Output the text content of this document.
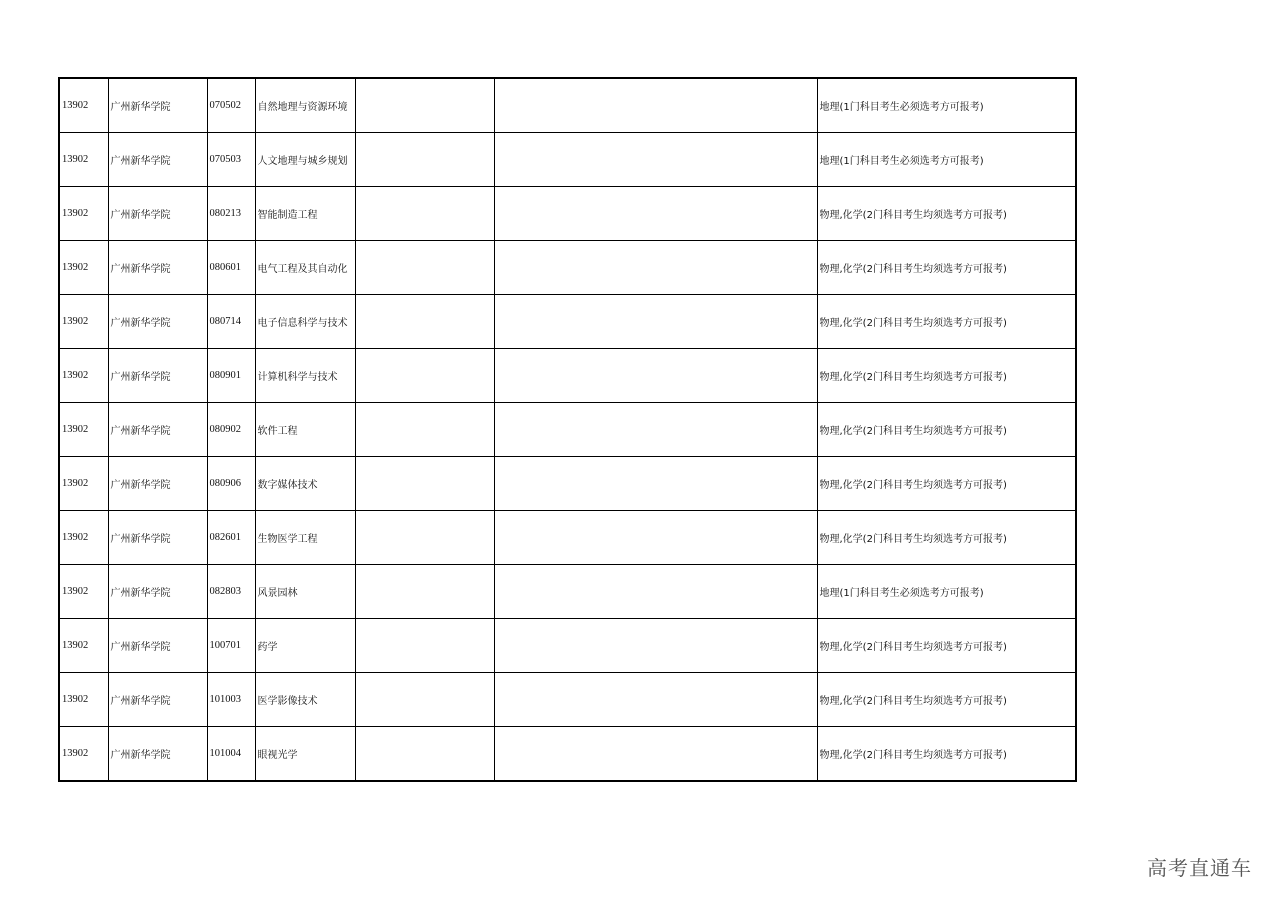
13902	广州新华学院	070502	自然地理与资源环境			地理(1门科目考生必须选考方可报考)
13902	广州新华学院	070503	人文地理与城乡规划			地理(1门科目考生必须选考方可报考)
13902	广州新华学院	080213	智能制造工程			物理,化学(2门科目考生均须选考方可报考)
13902	广州新华学院	080601	电气工程及其自动化			物理,化学(2门科目考生均须选考方可报考)
13902	广州新华学院	080714	电子信息科学与技术			物理,化学(2门科目考生均须选考方可报考)
13902	广州新华学院	080901	计算机科学与技术			物理,化学(2门科目考生均须选考方可报考)
13902	广州新华学院	080902	软件工程			物理,化学(2门科目考生均须选考方可报考)
13902	广州新华学院	080906	数字媒体技术			物理,化学(2门科目考生均须选考方可报考)
13902	广州新华学院	082601	生物医学工程			物理,化学(2门科目考生均须选考方可报考)
13902	广州新华学院	082803	风景园林			地理(1门科目考生必须选考方可报考)
13902	广州新华学院	100701	药学			物理,化学(2门科目考生均须选考方可报考)
13902	广州新华学院	101003	医学影像技术			物理,化学(2门科目考生均须选考方可报考)
13902	广州新华学院	101004	眼视光学			物理,化学(2门科目考生均须选考方可报考)
高考直通车
